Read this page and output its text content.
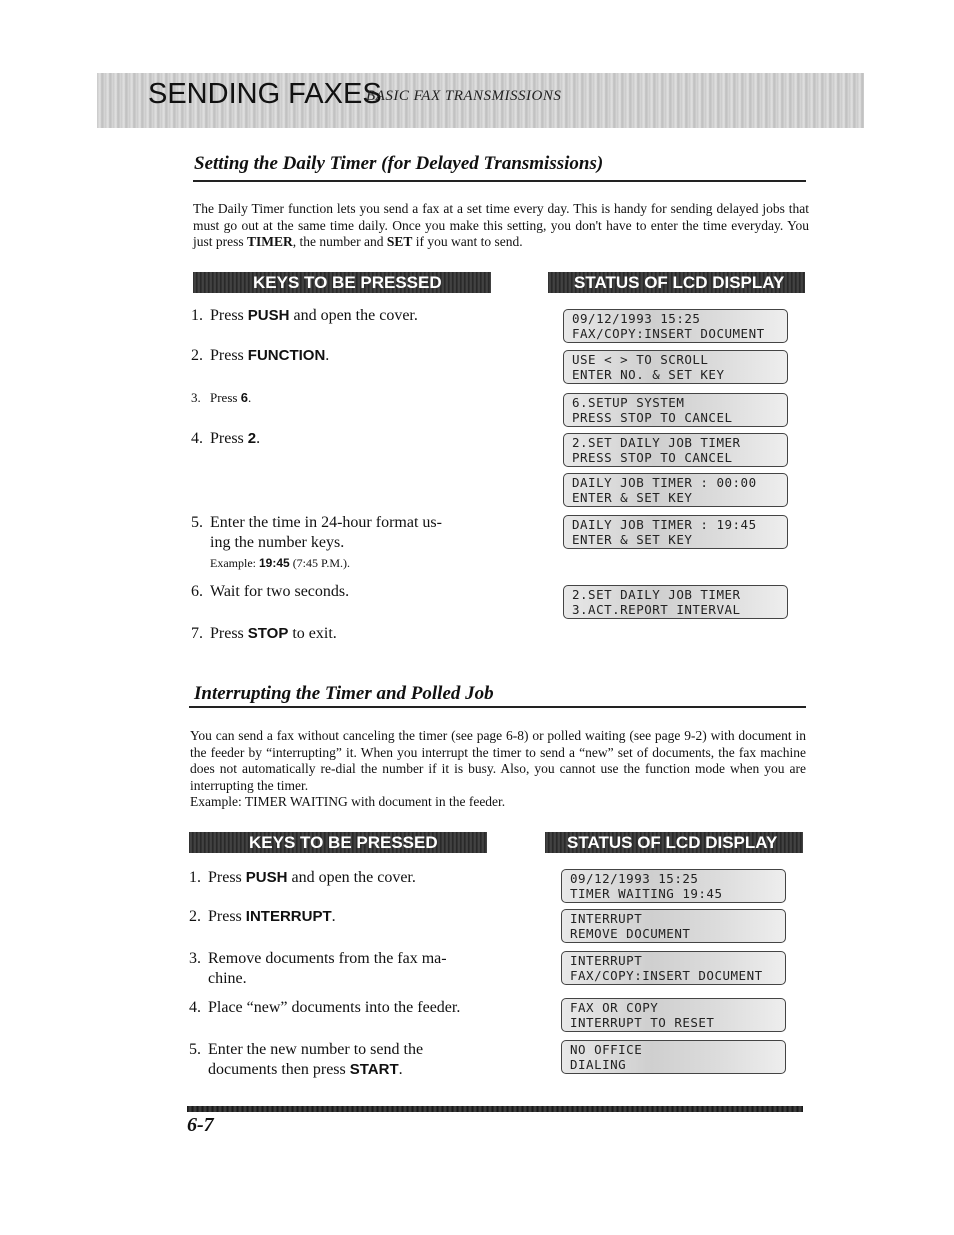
SENDING FAXES
BASIC FAX TRANSMISSIONS
Setting the Daily Timer (for Delayed Transmissions)

The Daily Timer function lets you send a fax at a set time every day. This is handy for sending delayed jobs that must go out at the same time daily. Once you make this setting, you don't have to enter the time everyday. You just press TIMER, the number and SET if you want to send.

KEYS TO BE PRESSED	STATUS OF LCD DISPLAY
1. Press PUSH and open the cover.
2. Press FUNCTION.
3. Press 6.
4. Press 2.
5. Enter the time in 24-hour format us-
ing the number keys.
Example: 19:45 (7:45 P.M.).
6. Wait for two seconds.
7. Press STOP to exit.
09/12/1993 15:25
FAX/COPY:INSERT DOCUMENT
USE < > TO SCROLL
ENTER NO. & SET KEY
6.SETUP SYSTEM
PRESS STOP TO CANCEL
2.SET DAILY JOB TIMER
PRESS STOP TO CANCEL
DAILY JOB TIMER : 00:00
ENTER & SET KEY
DAILY JOB TIMER : 19:45
ENTER & SET KEY
2.SET DAILY JOB TIMER
3.ACT.REPORT INTERVAL
Interrupting the Timer and Polled Job

You can send a fax without canceling the timer (see page 6-8) or polled waiting (see page 9-2) with document in the feeder by “interrupting” it. When you interrupt the timer to send a “new” set of documents, the fax machine does not automatically re-dial the number if it is busy. Also, you cannot use the function mode when you are interrupting the timer.

Example: TIMER WAITING with document in the feeder.

KEYS TO BE PRESSED	STATUS OF LCD DISPLAY
1. Press PUSH and open the cover.
2. Press INTERRUPT.
3. Remove documents from the fax ma-
chine.
4. Place “new” documents into the feeder.
5. Enter the new number to send the
documents then press START.
09/12/1993 15:25
TIMER WAITING 19:45
INTERRUPT
REMOVE DOCUMENT
INTERRUPT
FAX/COPY:INSERT DOCUMENT
FAX OR COPY
INTERRUPT TO RESET
NO OFFICE
DIALING
6-7
